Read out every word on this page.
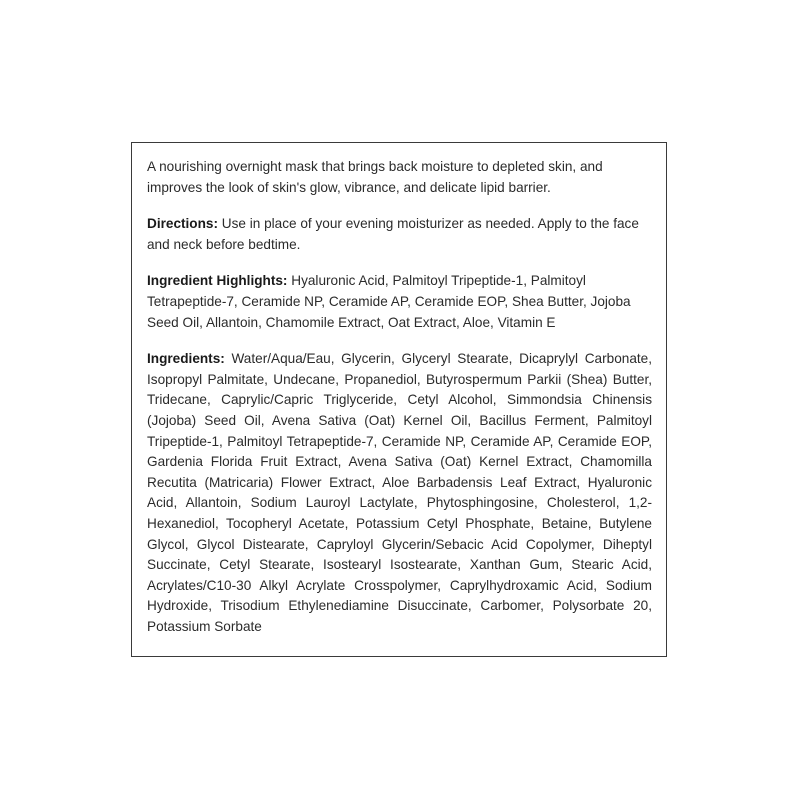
A nourishing overnight mask that brings back moisture to depleted skin, and improves the look of skin's glow, vibrance, and delicate lipid barrier.

Directions: Use in place of your evening moisturizer as needed. Apply to the face and neck before bedtime.

Ingredient Highlights: Hyaluronic Acid, Palmitoyl Tripeptide-1, Palmitoyl Tetrapeptide-7, Ceramide NP, Ceramide AP, Ceramide EOP, Shea Butter, Jojoba Seed Oil, Allantoin, Chamomile Extract, Oat Extract, Aloe, Vitamin E

Ingredients: Water/Aqua/Eau, Glycerin, Glyceryl Stearate, Dicaprylyl Carbonate, Isopropyl Palmitate, Undecane, Propanediol, Butyrospermum Parkii (Shea) Butter, Tridecane, Caprylic/Capric Triglyceride, Cetyl Alcohol, Simmondsia Chinensis (Jojoba) Seed Oil, Avena Sativa (Oat) Kernel Oil, Bacillus Ferment, Palmitoyl Tripeptide-1, Palmitoyl Tetrapeptide-7, Ceramide NP, Ceramide AP, Ceramide EOP, Gardenia Florida Fruit Extract, Avena Sativa (Oat) Kernel Extract, Chamomilla Recutita (Matricaria) Flower Extract, Aloe Barbadensis Leaf Extract, Hyaluronic Acid, Allantoin, Sodium Lauroyl Lactylate, Phytosphingosine, Cholesterol, 1,2-Hexanediol, Tocopheryl Acetate, Potassium Cetyl Phosphate, Betaine, Butylene Glycol, Glycol Distearate, Capryloyl Glycerin/Sebacic Acid Copolymer, Diheptyl Succinate, Cetyl Stearate, Isostearyl Isostearate, Xanthan Gum, Stearic Acid, Acrylates/C10-30 Alkyl Acrylate Crosspolymer, Caprylhydroxamic Acid, Sodium Hydroxide, Trisodium Ethylenediamine Disuccinate, Carbomer, Polysorbate 20, Potassium Sorbate
